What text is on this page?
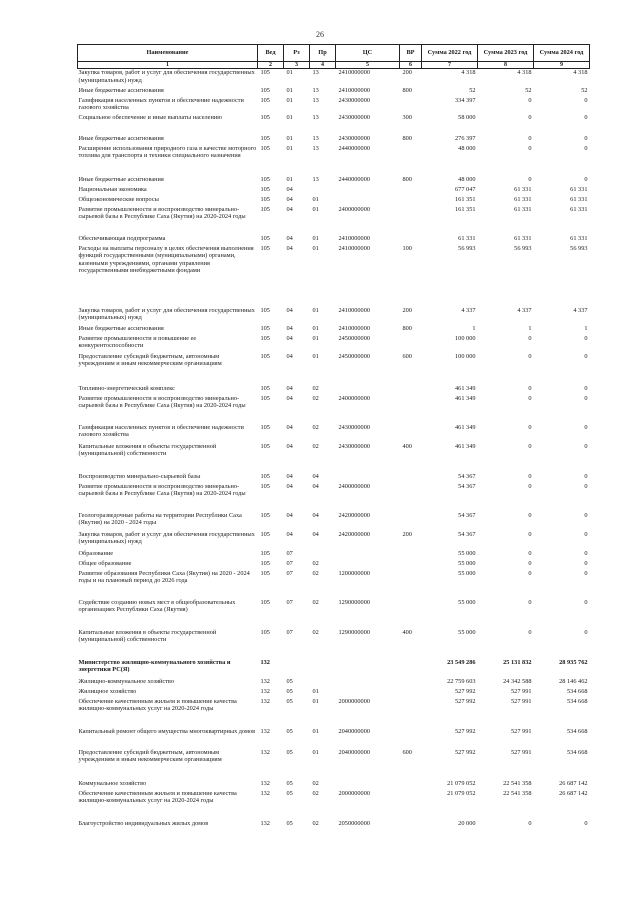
26
Наименование	Вед	Рз	Пр	ЦС	ВР	Сумма 2022 год	Сумма 2023 год	Сумма 2024 год
1	2	3	4	5	6	7	8	9
Закупка товаров, работ и услуг для обеспечения государственных (муниципальных) нужд	105	01	13	2410000000	200	4 318	4 318	4 318
Иные бюджетные ассигнования	105	01	13	2410000000	800	52	52	52
Газификация населенных пунктов и обеспечение надежности газового хозяйства	105	01	13	2430000000		334 397	0	0
Социальное обеспечение и иные выплаты населению	105	01	13	2430000000	300	58 000	0	0
Иные бюджетные ассигнования	105	01	13	2430000000	800	276 397	0	0
Расширение использования природного газа в качестве моторного топлива для транспорта и техники специального назначения	105	01	13	2440000000		48 000	0	0
Иные бюджетные ассигнования	105	01	13	2440000000	800	48 000	0	0
Национальная экономика	105	04				677 047	61 331	61 331
Общеэкономические вопросы	105	04	01			161 351	61 331	61 331
Развитие промышленности и воспроизводство минерально-сырьевой базы в Республике Саха (Якутия) на 2020-2024 годы	105	04	01	2400000000		161 351	61 331	61 331
Обеспечивающая подпрограмма	105	04	01	2410000000		61 331	61 331	61 331
Расходы на выплаты персоналу в целях обеспечения выполнения функций государственными (муниципальными) органами, казенными учреждениями, органами управления государственными внебюджетными фондами	105	04	01	2410000000	100	56 993	56 993	56 993
Закупка товаров, работ и услуг для обеспечения государственных (муниципальных) нужд	105	04	01	2410000000	200	4 337	4 337	4 337
Иные бюджетные ассигнования	105	04	01	2410000000	800	1	1	1
Развитие промышленности и повышение ее конкурентоспособности	105	04	01	2450000000		100 000	0	0
Предоставление субсидий бюджетным, автономным учреждениям и иным некоммерческим организациям	105	04	01	2450000000	600	100 000	0	0
Топливно-энергетический комплекс	105	04	02			461 349	0	0
Развитие промышленности и воспроизводство минерально-сырьевой базы в Республике Саха (Якутия) на 2020-2024 годы	105	04	02	2400000000		461 349	0	0
Газификация населенных пунктов и обеспечение надежности газового хозяйства	105	04	02	2430000000		461 349	0	0
Капитальные вложения в объекты государственной (муниципальной) собственности	105	04	02	2430000000	400	461 349	0	0
Воспроизводство минерально-сырьевой базы	105	04	04			54 367	0	0
Развитие промышленности и воспроизводство минерально-сырьевой базы в Республике Саха (Якутия) на 2020-2024 годы	105	04	04	2400000000		54 367	0	0
Геологоразведочные работы на территории Республики Саха (Якутия) на 2020 - 2024 годы	105	04	04	2420000000		54 367	0	0
Закупка товаров, работ и услуг для обеспечения государственных (муниципальных) нужд	105	04	04	2420000000	200	54 367	0	0
Образование	105	07				55 000	0	0
Общее образование	105	07	02			55 000	0	0
Развитие образования Республики Саха (Якутия) на 2020 - 2024 годы и на плановый период до 2026 года	105	07	02	1200000000		55 000	0	0
Содействие созданию новых мест в общеобразовательных организациях Республики Саха (Якутия)	105	07	02	1290000000		55 000	0	0
Капитальные вложения в объекты государственной (муниципальной) собственности	105	07	02	1290000000	400	55 000	0	0
Министерство жилищно-коммунального хозяйства и энергетики РС(Я)	132					23 549 286	25 131 832	28 935 762
Жилищно-коммунальное хозяйство	132	05				22 759 603	24 342 588	28 146 462
Жилищное хозяйство	132	05	01			527 992	527 991	534 668
Обеспечение качественным жильем и повышение качества жилищно-коммунальных услуг на 2020-2024 годы	132	05	01	2000000000		527 992	527 991	534 668
Капитальный ремонт общего имущества многоквартирных домов	132	05	01	2040000000		527 992	527 991	534 668
Предоставление субсидий бюджетным, автономным учреждениям и иным некоммерческим организациям	132	05	01	2040000000	600	527 992	527 991	534 668
Коммунальное хозяйство	132	05	02			21 079 052	22 541 358	26 687 142
Обеспечение качественным жильем и повышение качества жилищно-коммунальных услуг на 2020-2024 годы	132	05	02	2000000000		21 079 052	22 541 358	26 687 142
Благоустройство индивидуальных жилых домов	132	05	02	2050000000		20 000	0	0
